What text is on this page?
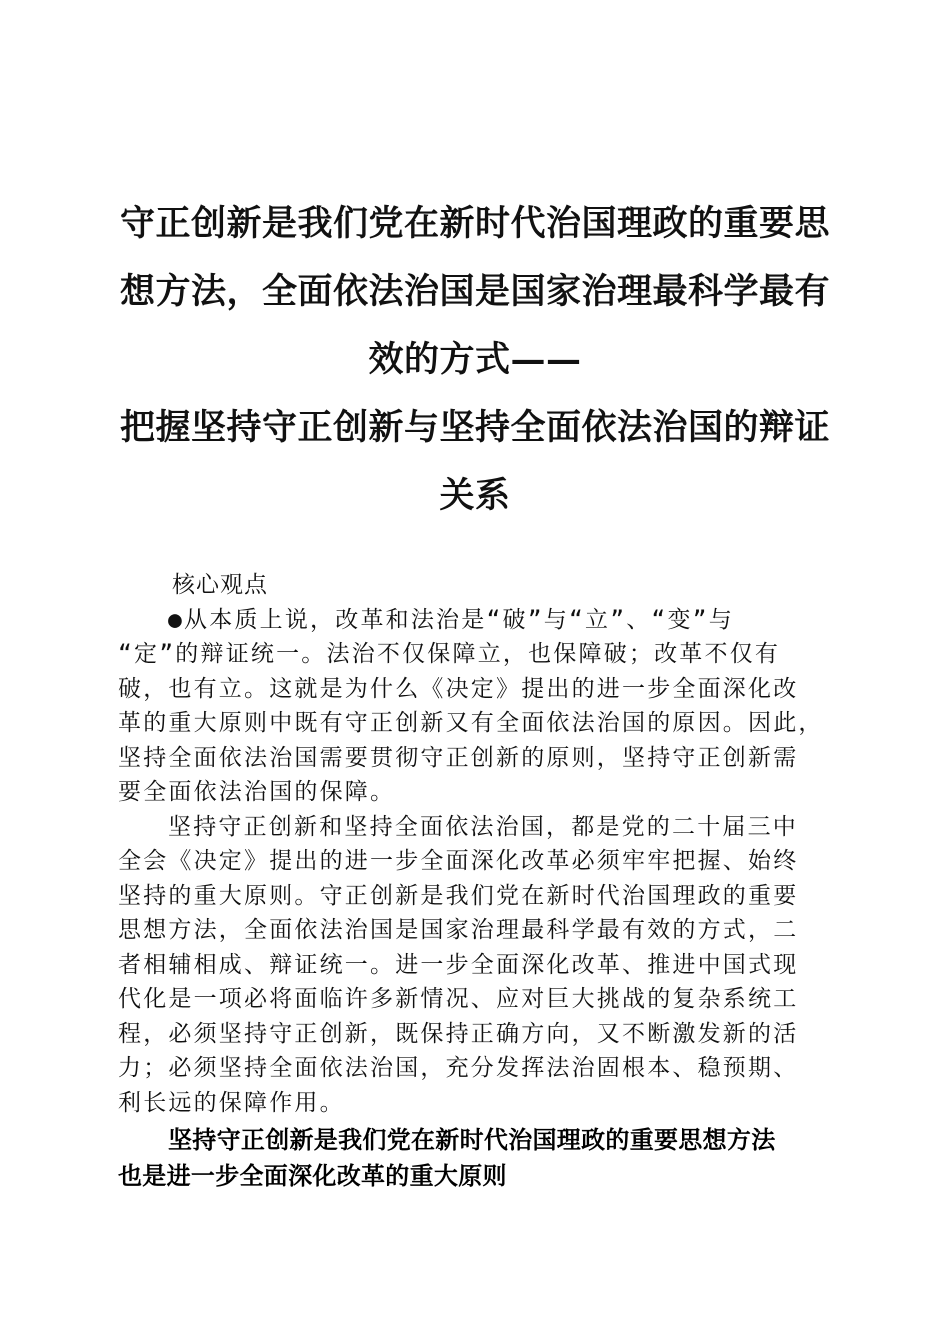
守正创新是我们党在新时代治国理政的重要思
想方法，全面依法治国是国家治理最科学最有
效的方式——
把握坚持守正创新与坚持全面依法治国的辩证
关系
核心观点
●从本质上说，改革和法治是“破”与“立”、“变”与
“定”的辩证统一。法治不仅保障立，也保障破；改革不仅有
破，也有立。这就是为什么《决定》提出的进一步全面深化改
革的重大原则中既有守正创新又有全面依法治国的原因。因此，
坚持全面依法治国需要贯彻守正创新的原则，坚持守正创新需
要全面依法治国的保障。
坚持守正创新和坚持全面依法治国，都是党的二十届三中
全会《决定》提出的进一步全面深化改革必须牢牢把握、始终
坚持的重大原则。守正创新是我们党在新时代治国理政的重要
思想方法，全面依法治国是国家治理最科学最有效的方式，二
者相辅相成、辩证统一。进一步全面深化改革、推进中国式现
代化是一项必将面临许多新情况、应对巨大挑战的复杂系统工
程，必须坚持守正创新，既保持正确方向，又不断激发新的活
力；必须坚持全面依法治国，充分发挥法治固根本、稳预期、
利长远的保障作用。
坚持守正创新是我们党在新时代治国理政的重要思想方法
也是进一步全面深化改革的重大原则
